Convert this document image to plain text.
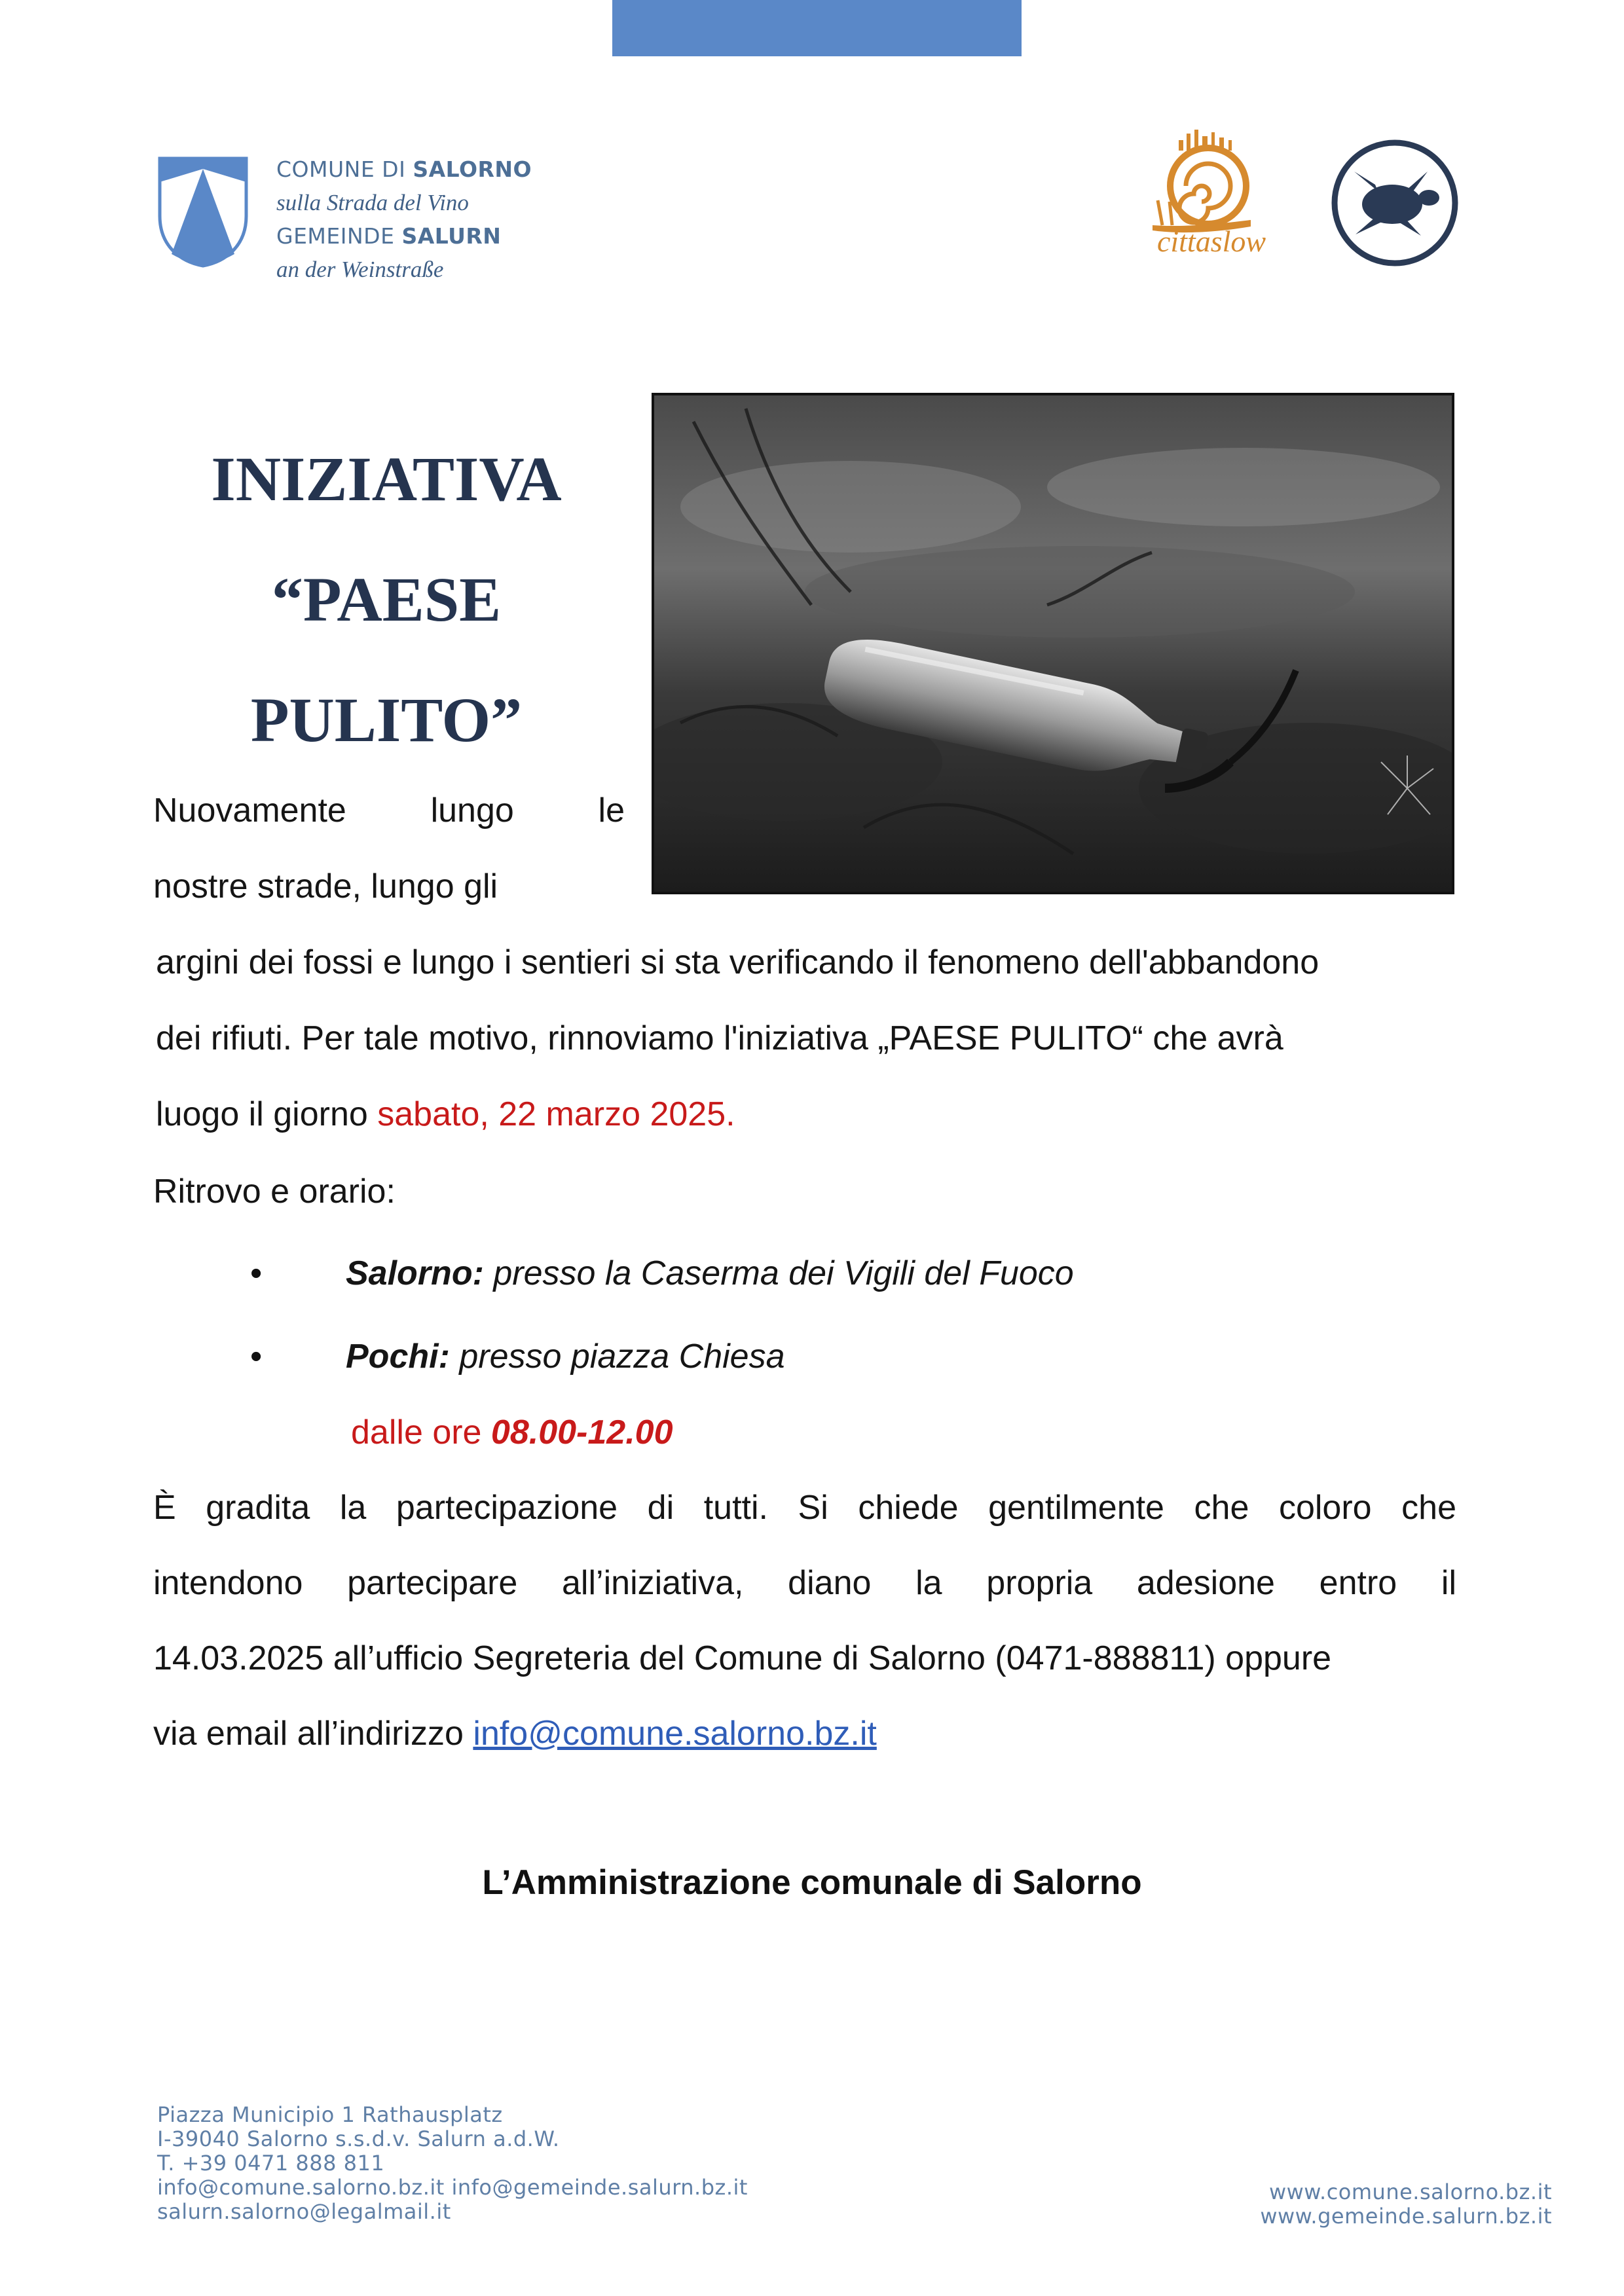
COMUNE DI SALORNO
sulla Strada del Vino
GEMEINDE SALURN
an der Weinstraße
cittaslow
INIZIATIVA
“PAESE
PULITO”
Nuovamente lungo le
nostre strade, lungo gli
argini dei fossi e lungo i sentieri si sta verificando il fenomeno dell'abbandono
dei rifiuti. Per tale motivo, rinnoviamo l'iniziativa „PAESE PULITO“ che avrà
luogo il giorno sabato, 22 marzo 2025.
Ritrovo e orario:
• Salorno: presso la Caserma dei Vigili del Fuoco
• Pochi: presso piazza Chiesa
dalle ore 08.00-12.00
È gradita la partecipazione di tutti. Si chiede gentilmente che coloro che
intendono partecipare all’iniziativa, diano la propria adesione entro il
14.03.2025 all’ufficio Segreteria del Comune di Salorno (0471-888811) oppure
via email all’indirizzo info@comune.salorno.bz.it
L’Amministrazione comunale di Salorno
Piazza Municipio 1 Rathausplatz
I-39040 Salorno s.s.d.v. Salurn a.d.W.
T. +39 0471 888 811
info@comune.salorno.bz.it info@gemeinde.salurn.bz.it
salurn.salorno@legalmail.it
www.comune.salorno.bz.it
www.gemeinde.salurn.bz.it
